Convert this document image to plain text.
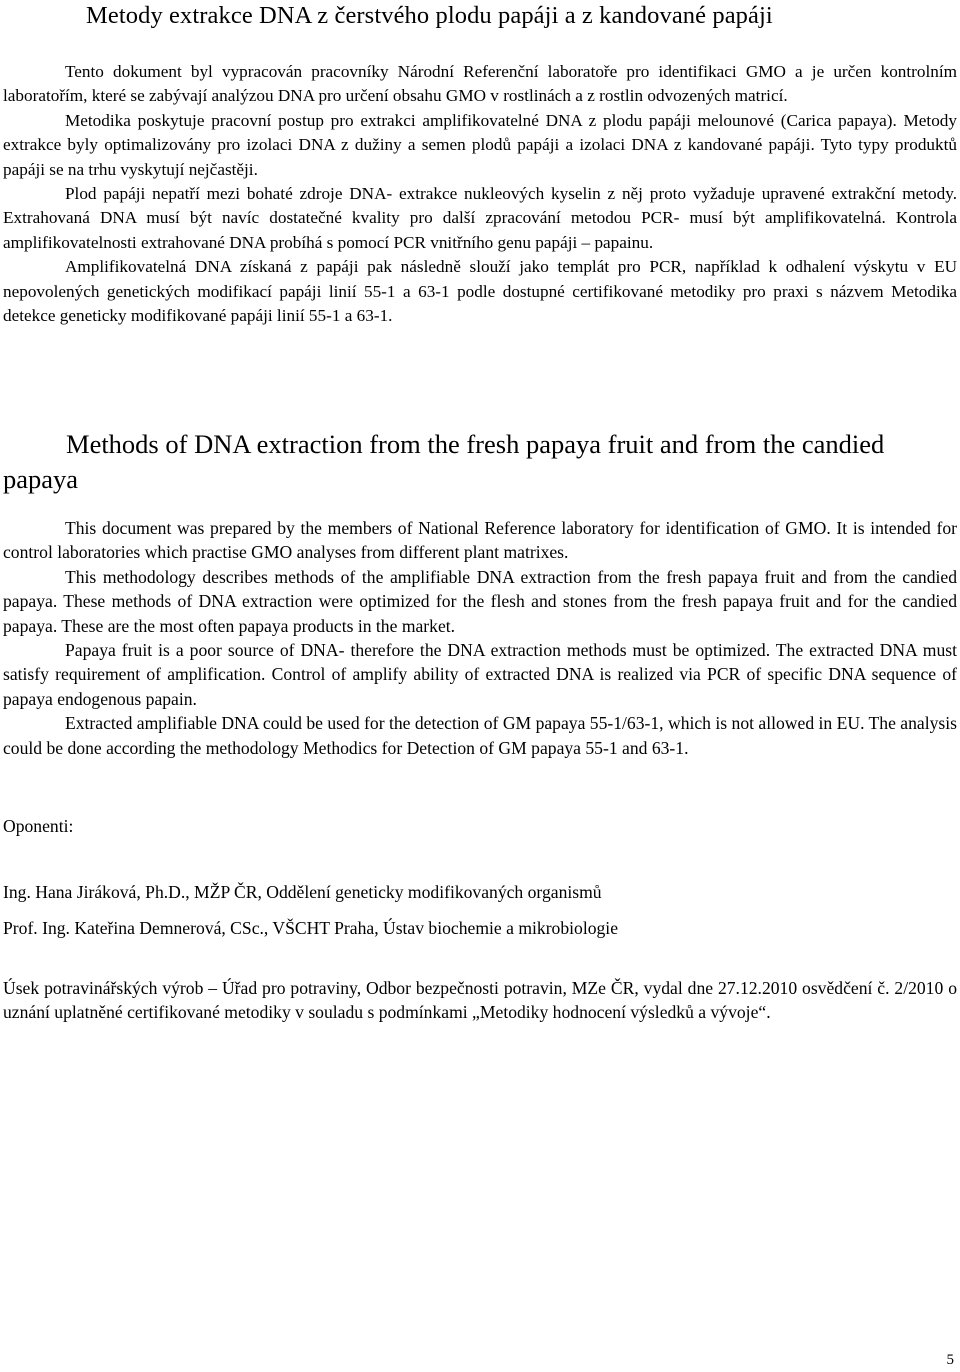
Metody extrakce DNA z čerstvého plodu papáji a z kandované papáji

Tento dokument byl vypracován pracovníky Národní Referenční laboratoře pro identifikaci GMO a je určen kontrolním laboratořím, které se zabývají analýzou DNA pro určení obsahu GMO v rostlinách a z rostlin odvozených matricí.

Metodika poskytuje pracovní postup pro extrakci amplifikovatelné DNA z plodu papáji melounové (Carica papaya). Metody extrakce byly optimalizovány pro izolaci DNA z dužiny a semen plodů papáji a izolaci DNA z kandované papáji. Tyto typy produktů papáji se na trhu vyskytují nejčastěji.

Plod papáji nepatří mezi bohaté zdroje DNA- extrakce nukleových kyselin z něj proto vyžaduje upravené extrakční metody. Extrahovaná DNA musí být navíc dostatečné kvality pro další zpracování metodou PCR- musí být amplifikovatelná. Kontrola amplifikovatelnosti extrahované DNA probíhá s pomocí PCR vnitřního genu papáji – papainu.

Amplifikovatelná DNA získaná z papáji pak následně slouží jako templát pro PCR, například k odhalení výskytu v EU nepovolených genetických modifikací papáji linií 55-1 a 63-1 podle dostupné certifikované metodiky pro praxi s názvem Metodika detekce geneticky modifikované papáji linií 55-1 a 63-1.

Methods of DNA extraction from the fresh papaya fruit and from the candied papaya

This document was prepared by the members of National Reference laboratory for identification of GMO. It is intended for control laboratories which practise GMO analyses from different plant matrixes.

This methodology describes methods of the amplifiable DNA extraction from the fresh papaya fruit and from the candied papaya. These methods of DNA extraction were optimized for the flesh and stones from the fresh papaya fruit and for the candied papaya. These are the most often papaya products in the market.

Papaya fruit is a poor source of DNA- therefore the DNA extraction methods must be optimized. The extracted DNA must satisfy requirement of amplification. Control of amplify ability of extracted DNA is realized via PCR of specific DNA sequence of papaya endogenous papain.

Extracted amplifiable DNA could be used for the detection of GM papaya 55-1/63-1, which is not allowed in EU. The analysis could be done according the methodology Methodics for Detection of GM papaya 55-1 and 63-1.

Oponenti:

Ing. Hana Jiráková, Ph.D., MŽP ČR, Oddělení geneticky modifikovaných organismů

Prof. Ing. Kateřina Demnerová, CSc., VŠCHT Praha, Ústav biochemie a mikrobiologie

Úsek potravinářských výrob – Úřad pro potraviny, Odbor bezpečnosti potravin, MZe ČR, vydal dne 27.12.2010 osvědčení č. 2/2010 o uznání uplatněné certifikované metodiky v souladu s podmínkami „Metodiky hodnocení výsledků a vývoje“.

5
